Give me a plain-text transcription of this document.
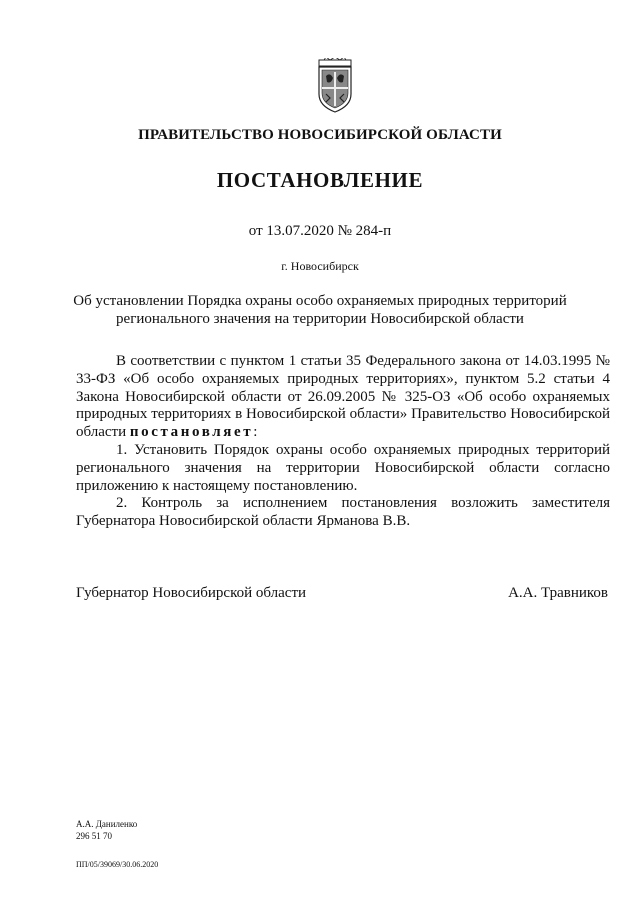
ПРАВИТЕЛЬСТВО НОВОСИБИРСКОЙ ОБЛАСТИ
ПОСТАНОВЛЕНИЕ
от 13.07.2020 № 284-п
г. Новосибирск
Об установлении Порядка охраны особо охраняемых природных территорий
регионального значения на территории Новосибирской области

В соответствии с пунктом 1 статьи 35 Федерального закона от 14.03.1995 № 33-ФЗ «Об особо охраняемых природных территориях», пунктом 5.2 статьи 4 Закона Новосибирской области от 26.09.2005 № 325-ОЗ «Об особо охраняемых природных территориях в Новосибирской области» Правительство Новосибирской области постановляет:

1. Установить Порядок охраны особо охраняемых природных территорий регионального значения на территории Новосибирской области согласно приложению к настоящему постановлению.

2. Контроль за исполнением постановления возложить заместителя Губернатора Новосибирской области Ярманова В.В.

Губернатор Новосибирской области	А.А. Травников
А.А. Даниленко
296 51 70
ПП/05/39069/30.06.2020
